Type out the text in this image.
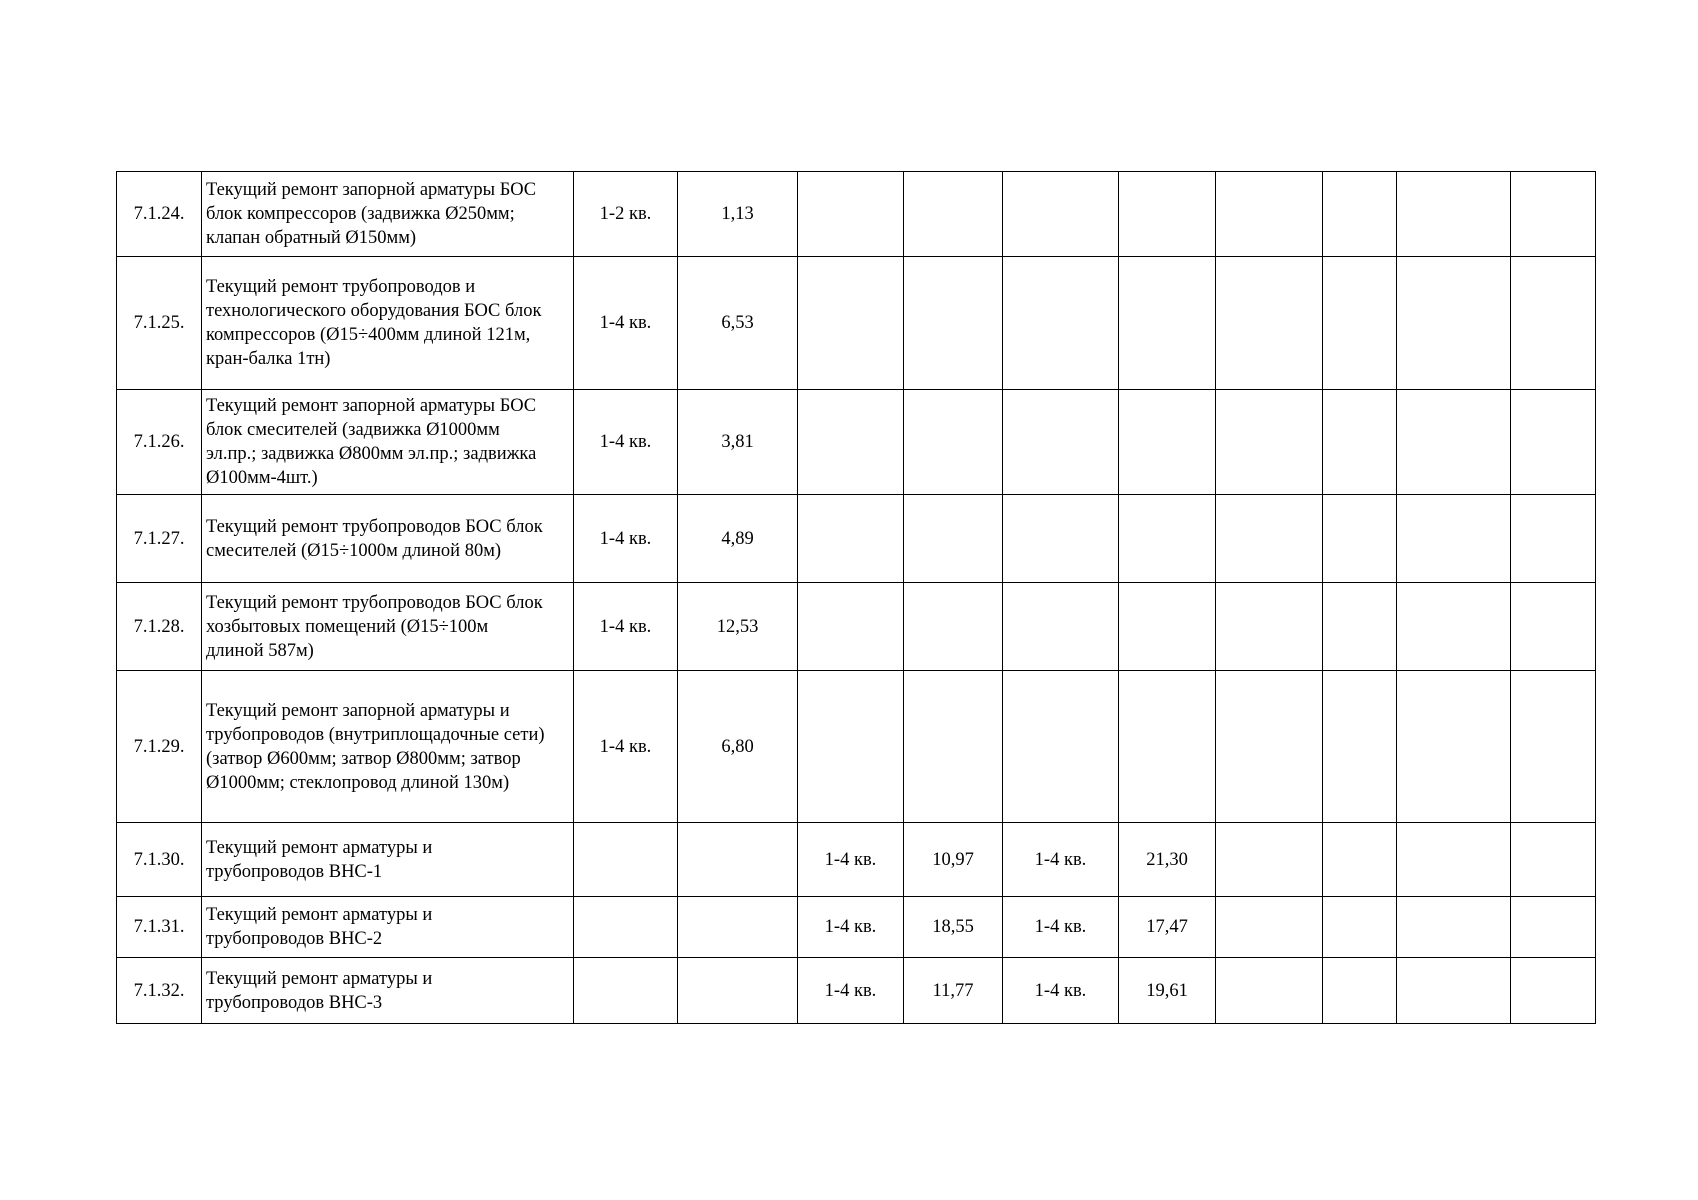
7.1.24.	Текущий ремонт запорной арматуры БОС
блок компрессоров (задвижка Ø250мм;
клапан обратный Ø150мм)	1-2 кв.	1,13								
7.1.25.	Текущий ремонт трубопроводов и
технологического оборудования БОС блок
компрессоров (Ø15÷400мм длиной 121м,
кран-балка 1тн)	1-4 кв.	6,53								
7.1.26.	Текущий ремонт запорной арматуры БОС
блок смесителей (задвижка Ø1000мм
эл.пр.; задвижка Ø800мм эл.пр.; задвижка
Ø100мм-4шт.)	1-4 кв.	3,81								
7.1.27.	Текущий ремонт трубопроводов БОС блок
смесителей (Ø15÷1000м длиной 80м)	1-4 кв.	4,89								
7.1.28.	Текущий ремонт трубопроводов БОС блок
хозбытовых помещений (Ø15÷100м
длиной 587м)	1-4 кв.	12,53								
7.1.29.	Текущий ремонт запорной арматуры и
трубопроводов (внутриплощадочные сети)
(затвор Ø600мм; затвор Ø800мм; затвор
Ø1000мм; стеклопровод длиной 130м)	1-4 кв.	6,80								
7.1.30.	Текущий ремонт арматуры и
трубопроводов ВНС-1			1-4 кв.	10,97	1-4 кв.	21,30				
7.1.31.	Текущий ремонт арматуры и
трубопроводов ВНС-2			1-4 кв.	18,55	1-4 кв.	17,47				
7.1.32.	Текущий ремонт арматуры и
трубопроводов ВНС-3			1-4 кв.	11,77	1-4 кв.	19,61				
